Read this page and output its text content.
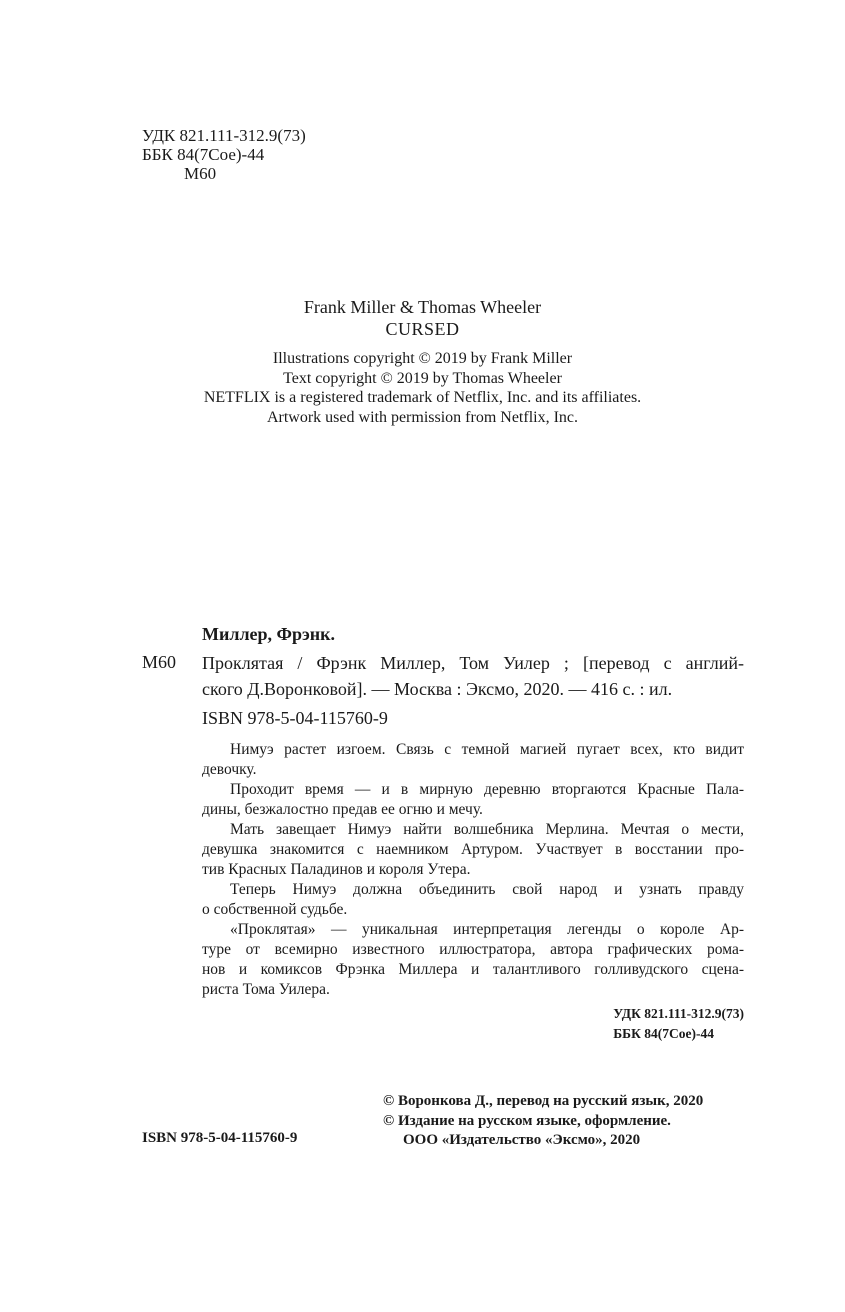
УДК 821.111-312.9(73)
ББК 84(7Сое)-44
М60
Frank Miller & Thomas Wheeler
CURSED
Illustrations copyright © 2019 by Frank Miller
Text copyright © 2019 by Thomas Wheeler
NETFLIX is a registered trademark of Netflix, Inc. and its affiliates.
Artwork used with permission from Netflix, Inc.
Миллер, Фрэнк.
М60 Проклятая / Фрэнк Миллер, Том Уилер ; [перевод с англий-
ского Д.Воронковой]. — Москва : Эксмо, 2020. — 416 с. : ил.
ISBN 978-5-04-115760-9

Нимуэ растет изгоем. Связь с темной магией пугает всех, кто видит
девочку.

Проходит время — и в мирную деревню вторгаются Красные Пала-
дины, безжалостно предав ее огню и мечу.

Мать завещает Нимуэ найти волшебника Мерлина. Мечтая о мести,
девушка знакомится с наемником Артуром. Участвует в восстании про-
тив Красных Паладинов и короля Утера.

Теперь Нимуэ должна объединить свой народ и узнать правду
о собственной судьбе.

«Проклятая» — уникальная интерпретация легенды о короле Ар-
туре от всемирно известного иллюстратора, автора графических рома-
нов и комиксов Фрэнка Миллера и талантливого голливудского сцена-
риста Тома Уилера.

УДК 821.111-312.9(73)
ББК 84(7Сое)-44
© Воронкова Д., перевод на русский язык, 2020
© Издание на русском языке, оформление.
ООО «Издательство «Эксмо», 2020
ISBN 978-5-04-115760-9
